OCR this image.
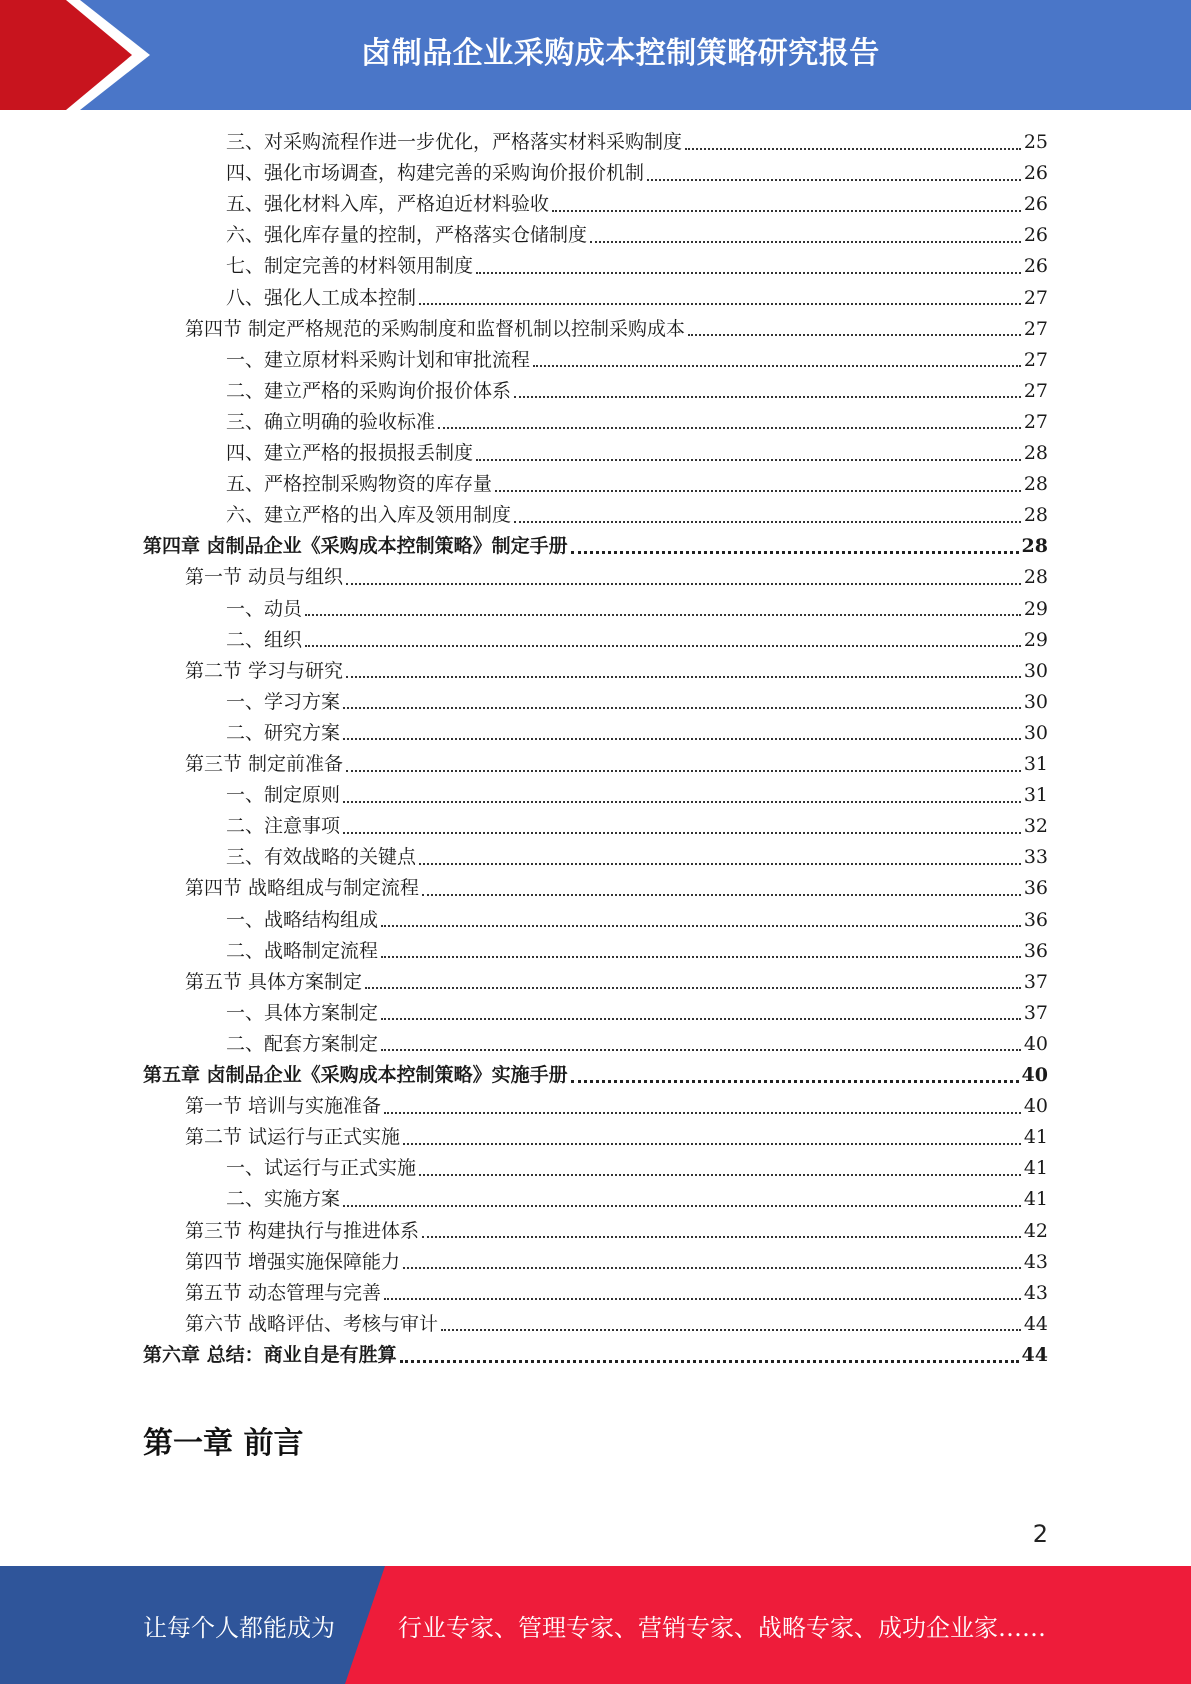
卤制品企业采购成本控制策略研究报告
三、对采购流程作进一步优化，严格落实材料采购制度	25
四、强化市场调查，构建完善的采购询价报价机制	26
五、强化材料入库，严格迫近材料验收	26
六、强化库存量的控制，严格落实仓储制度	26
七、制定完善的材料领用制度	26
八、强化人工成本控制	27
第四节 制定严格规范的采购制度和监督机制以控制采购成本	27
一、建立原材料采购计划和审批流程	27
二、建立严格的采购询价报价体系	27
三、确立明确的验收标准	27
四、建立严格的报损报丢制度	28
五、严格控制采购物资的库存量	28
六、建立严格的出入库及领用制度	28
第四章 卤制品企业《采购成本控制策略》制定手册	28
第一节 动员与组织	28
一、动员	29
二、组织	29
第二节 学习与研究	30
一、学习方案	30
二、研究方案	30
第三节 制定前准备	31
一、制定原则	31
二、注意事项	32
三、有效战略的关键点	33
第四节 战略组成与制定流程	36
一、战略结构组成	36
二、战略制定流程	36
第五节 具体方案制定	37
一、具体方案制定	37
二、配套方案制定	40
第五章 卤制品企业《采购成本控制策略》实施手册	40
第一节 培训与实施准备	40
第二节 试运行与正式实施	41
一、试运行与正式实施	41
二、实施方案	41
第三节 构建执行与推进体系	42
第四节 增强实施保障能力	43
第五节 动态管理与完善	43
第六节 战略评估、考核与审计	44
第六章 总结：商业自是有胜算	44
第一章 前言
2
让每个人都能成为	行业专家、管理专家、营销专家、战略专家、成功企业家……
